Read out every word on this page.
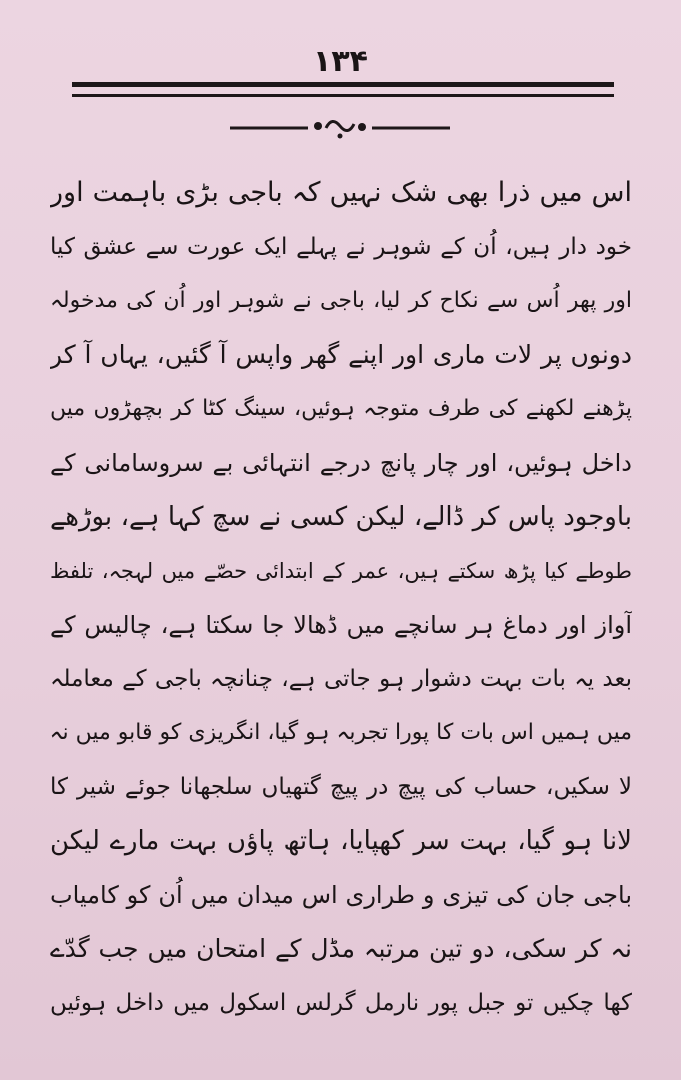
۱۳۴
اس میں ذرا بھی شک نہیں کہ باجی بڑی باہمت اور
خود دار ہیں، اُن کے شوہر نے پہلے ایک عورت سے عشق کیا
اور پھر اُس سے نکاح کر لیا، باجی نے شوہر اور اُن کی مدخولہ
دونوں پر لات ماری اور اپنے گھر واپس آ گئیں، یہاں آ کر
پڑھنے لکھنے کی طرف متوجہ ہوئیں، سینگ کٹا کر بچھڑوں میں
داخل ہوئیں، اور چار پانچ درجے انتہائی بے سروسامانی کے
باوجود پاس کر ڈالے، لیکن کسی نے سچ کہا ہے، بوڑھے
طوطے کیا پڑھ سکتے ہیں، عمر کے ابتدائی حصّے میں لہجہ، تلفظ
آواز اور دماغ ہر سانچے میں ڈھالا جا سکتا ہے، چالیس کے
بعد یہ بات بہت دشوار ہو جاتی ہے، چنانچہ باجی کے معاملہ
میں ہمیں اس بات کا پورا تجربہ ہو گیا، انگریزی کو قابو میں نہ
لا سکیں، حساب کی پیچ در پیچ گتھیاں سلجھانا جوئے شیر کا
لانا ہو گیا، بہت سر کھپایا، ہاتھ پاؤں بہت مارے لیکن
باجی جان کی تیزی و طراری اس میدان میں اُن کو کامیاب
نہ کر سکی، دو تین مرتبہ مڈل کے امتحان میں جب گدّے
کھا چکیں تو جبل پور نارمل گرلس اسکول میں داخل ہوئیں
